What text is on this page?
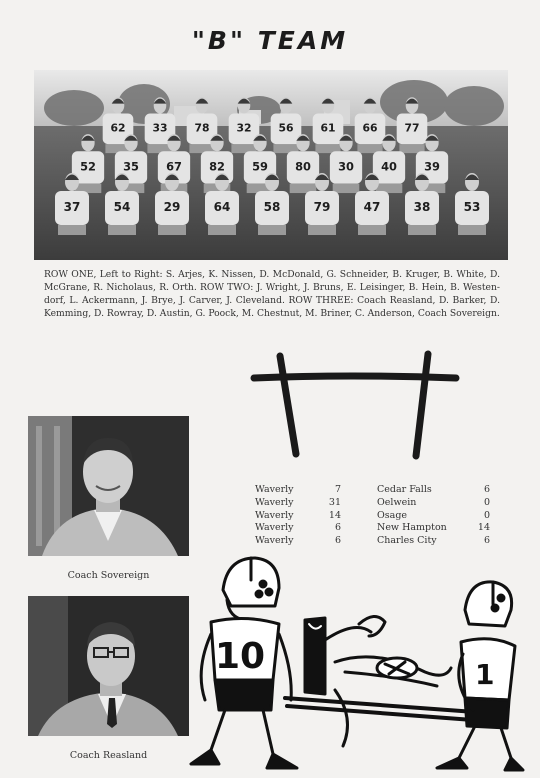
"B" TEAM
62 33 78 32 56 61 66 77
52 35 67 82 59 80 30 40 39
37	54	29	64	58	79	47	38	53
ROW ONE, Left to Right: S. Arjes, K. Nissen, D. McDonald, G. Schneider, B. Kruger, B. White, D. McGrane, R. Nicholaus, R. Orth. ROW TWO: J. Wright, J. Bruns, E. Leisinger, B. Hein, B. Westen-dorf, L. Ackermann, J. Brye, J. Carver, J. Cleveland. ROW THREE: Coach Reasland, D. Barker, D. Kemming, D. Rowray, D. Austin, G. Poock, M. Chestnut, M. Briner, C. Anderson, Coach Sovereign.
Coach Sovereign
Coach Reasland
Waverly	7	Cedar Falls	6
Waverly	31	Oelwein	0
Waverly	14	Osage	0
Waverly	6	New Hampton	14
Waverly	6	Charles City	6
10	1
